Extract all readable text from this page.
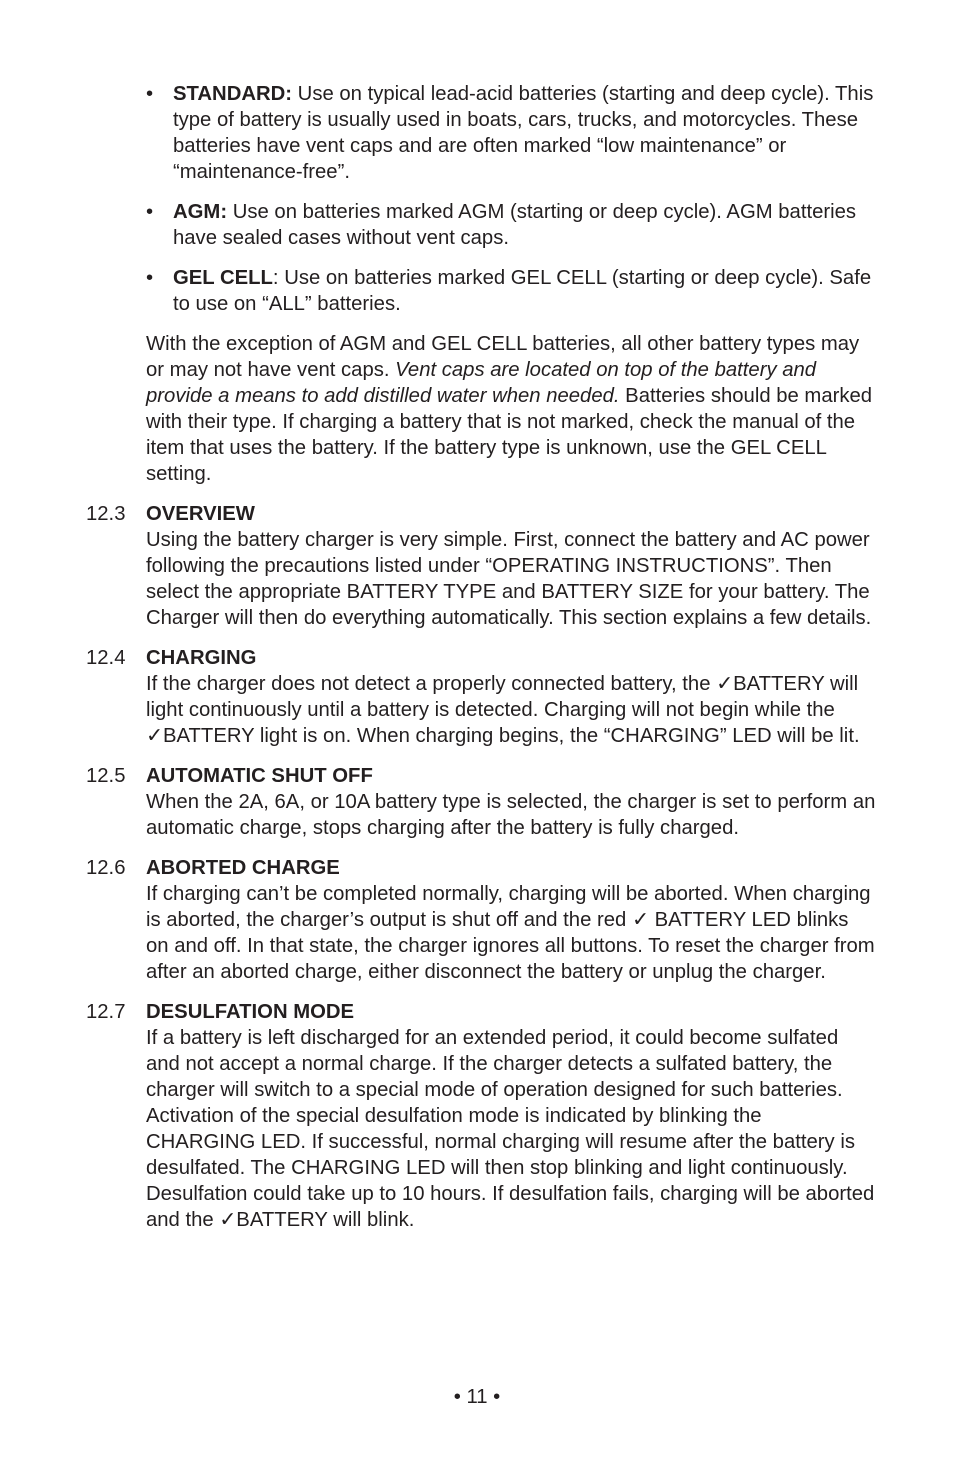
• STANDARD: Use on typical lead-acid batteries (starting and deep cycle). This type of battery is usually used in boats, cars, trucks, and motorcycles. These batteries have vent caps and are often marked “low maintenance” or “maintenance-free”.
• AGM: Use on batteries marked AGM (starting or deep cycle). AGM batteries have sealed cases without vent caps.
• GEL CELL: Use on batteries marked GEL CELL (starting or deep cycle). Safe to use on “ALL” batteries.

With the exception of AGM and GEL CELL batteries, all other battery types may or may not have vent caps. Vent caps are located on top of the battery and provide a means to add distilled water when needed. Batteries should be marked with their type. If charging a battery that is not marked, check the manual of the item that uses the battery. If the battery type is unknown, use the GEL CELL setting.

12.3	OVERVIEW

Using the battery charger is very simple. First, connect the battery and AC power following the precautions listed under “OPERATING INSTRUCTIONS”. Then select the appropriate BATTERY TYPE and BATTERY SIZE for your battery. The Charger will then do everything automatically. This section explains a few details.

12.4	CHARGING

If the charger does not detect a properly connected battery, the ✓BATTERY will light continuously until a battery is detected. Charging will not begin while the ✓BATTERY light is on. When charging begins, the “CHARGING” LED will be lit.

12.5	AUTOMATIC SHUT OFF

When the 2A, 6A, or 10A battery type is selected, the charger is set to perform an automatic charge, stops charging after the battery is fully charged.

12.6	ABORTED CHARGE

If charging can’t be completed normally, charging will be aborted. When charging is aborted, the charger’s output is shut off and the red ✓ BATTERY LED blinks on and off. In that state, the charger ignores all buttons. To reset the charger from after an aborted charge, either disconnect the battery or unplug the charger.

12.7	DESULFATION MODE

If a battery is left discharged for an extended period, it could become sulfated and not accept a normal charge. If the charger detects a sulfated battery, the charger will switch to a special mode of operation designed for such batteries. Activation of the special desulfation mode is indicated by blinking the CHARGING LED. If successful, normal charging will resume after the battery is desulfated. The CHARGING LED will then stop blinking and light continuously. Desulfation could take up to 10 hours. If desulfation fails, charging will be aborted and the ✓BATTERY will blink.

• 11 •
